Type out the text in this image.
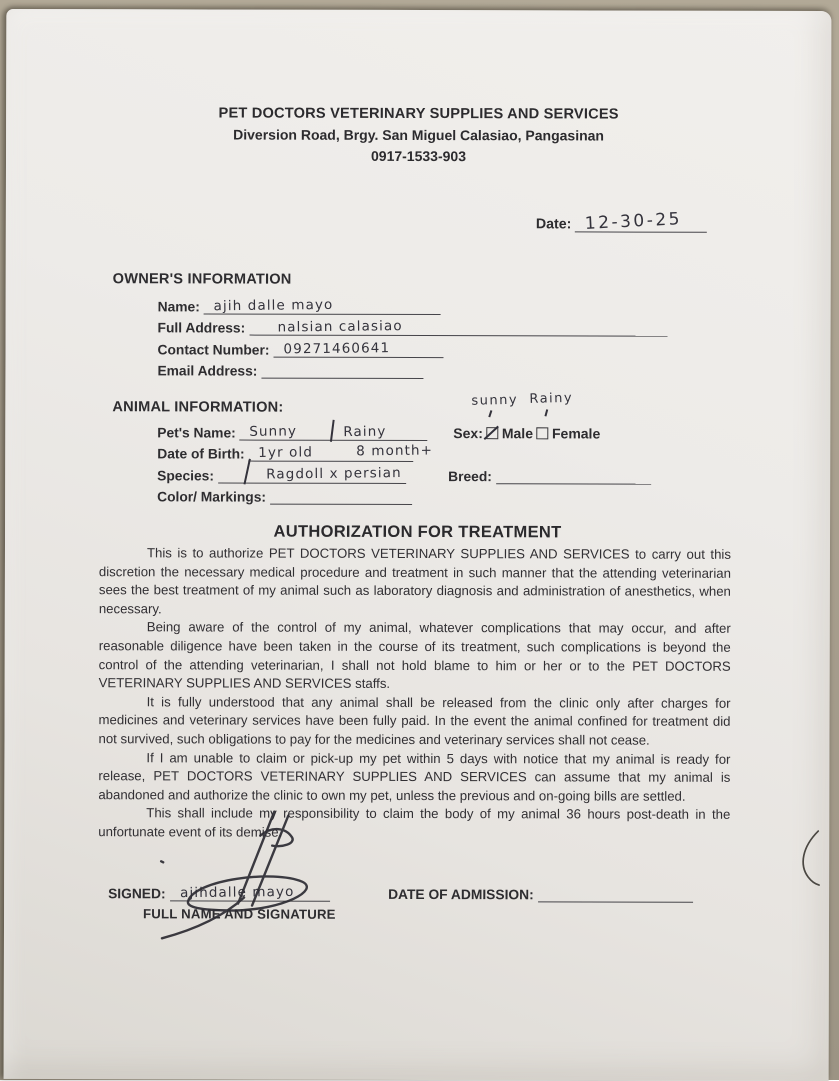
PET DOCTORS VETERINARY SUPPLIES AND SERVICES
Diversion Road, Brgy. San Miguel Calasiao, Pangasinan
0917-1533-903
Date: 12-30-25
OWNER'S INFORMATION
Name: ajih dalle mayo
Full Address: nalsian calasiao
Contact Number: 09271460641
Email Address:
ANIMAL INFORMATION:
Pet's Name: Sunny	Rainy
Date of Birth: 1yr old	8 month+
Species:	Ragdoll x persian
Color/ Markings:
sunny Rainy
Sex: Male Female
Breed:
AUTHORIZATION FOR TREATMENT

This is to authorize PET DOCTORS VETERINARY SUPPLIES AND SERVICES to carry out this discretion the necessary medical procedure and treatment in such manner that the attending veterinarian sees the best treatment of my animal such as laboratory diagnosis and administration of anesthetics, when necessary.

Being aware of the control of my animal, whatever complications that may occur, and after reasonable diligence have been taken in the course of its treatment, such complications is beyond the control of the attending veterinarian, I shall not hold blame to him or her or to the PET DOCTORS VETERINARY SUPPLIES AND SERVICES staffs.

It is fully understood that any animal shall be released from the clinic only after charges for medicines and veterinary services have been fully paid. In the event the animal confined for treatment did not survived, such obligations to pay for the medicines and veterinary services shall not cease.

If I am unable to claim or pick-up my pet within 5 days with notice that my animal is ready for release, PET DOCTORS VETERINARY SUPPLIES AND SERVICES can assume that my animal is abandoned and authorize the clinic to own my pet, unless the previous and on-going bills are settled.

This shall include my responsibility to claim the body of my animal 36 hours post-death in the unfortunate event of its demise.

SIGNED: ajihdalle mayo
FULL NAME AND SIGNATURE
DATE OF ADMISSION:
